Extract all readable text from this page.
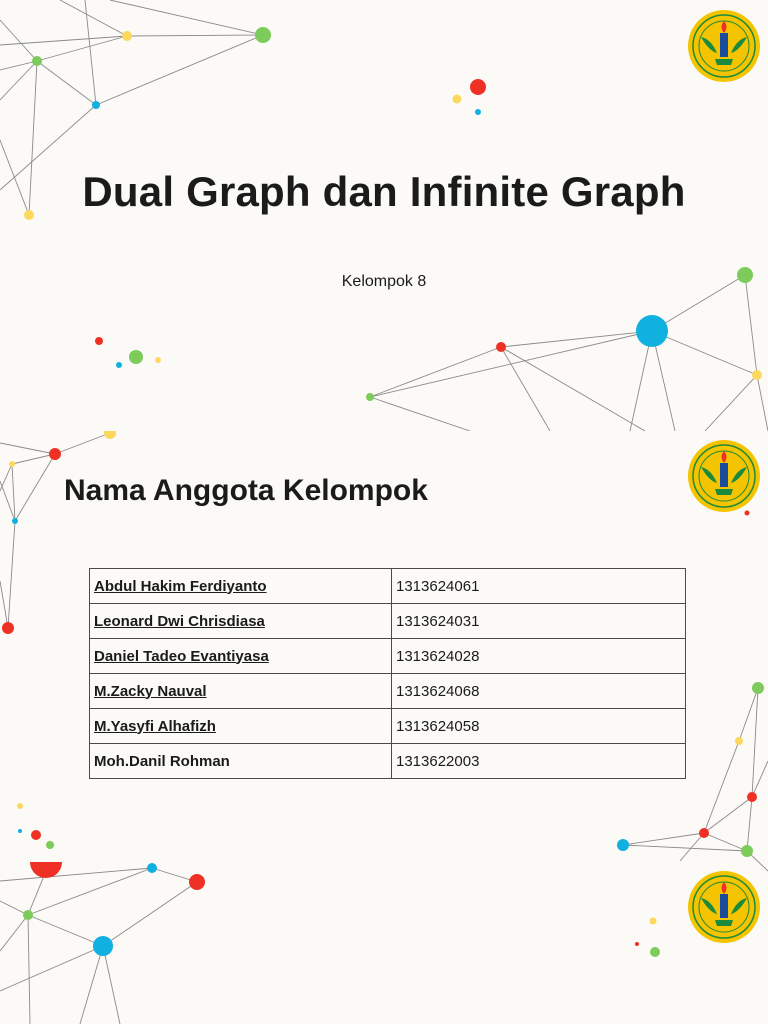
Dual Graph dan Infinite Graph
Kelompok 8
Nama Anggota Kelompok
Abdul Hakim Ferdiyanto	1313624061
Leonard Dwi Chrisdiasa	1313624031
Daniel Tadeo Evantiyasa	1313624028
M.Zacky Nauval	1313624068
M.Yasyfi Alhafizh	1313624058
Moh.Danil Rohman	1313622003
